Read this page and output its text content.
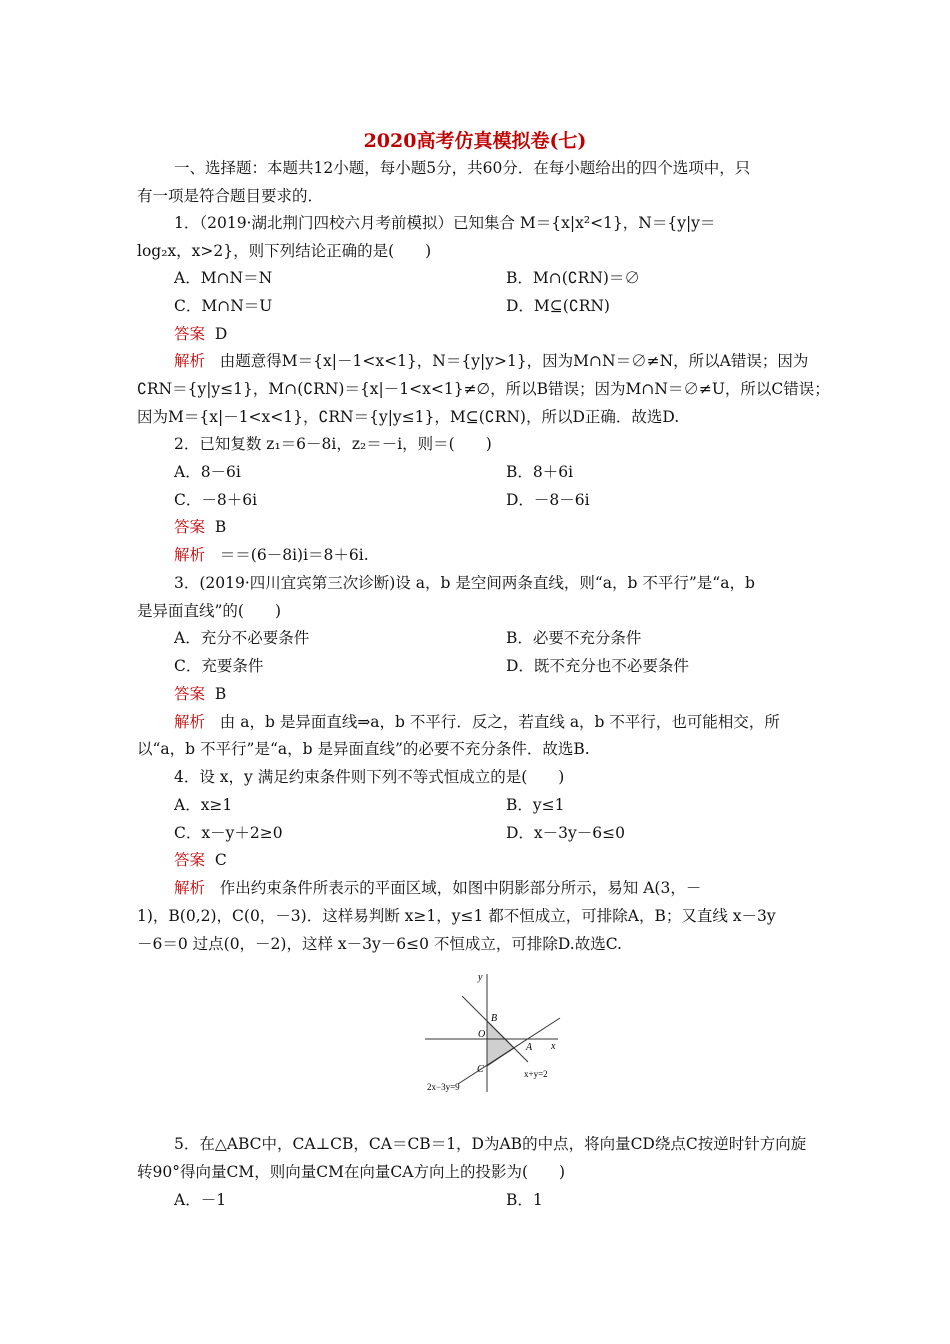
2020高考仿真模拟卷(七)
一、选择题：本题共12小题，每小题5分，共60分．在每小题给出的四个选项中，只
有一项是符合题目要求的．
1．（2019·湖北荆门四校六月考前模拟）已知集合 M＝{x|x²<1}，N＝{y|y＝
log₂x，x>2}，则下列结论正确的是(　　)
A．M∩N＝N	B．M∩(∁RN)＝∅
C．M∩N＝U	D．M⊆(∁RN)
答案 D
解析 由题意得M＝{x|－1<x<1}，N＝{y|y>1}，因为M∩N＝∅≠N，所以A错误；因为
∁RN＝{y|y≤1}，M∩(∁RN)＝{x|－1<x<1}≠∅，所以B错误；因为M∩N＝∅≠U，所以C错误；
因为M＝{x|－1<x<1}，∁RN＝{y|y≤1}，M⊆(∁RN)，所以D正确．故选D.
2．已知复数 z₁＝6－8i，z₂＝－i，则＝(　　)
A．8－6i	B．8＋6i
C．－8＋6i	D．－8－6i
答案 B
解析 ＝＝(6－8i)i＝8＋6i.
3．(2019·四川宜宾第三次诊断)设 a，b 是空间两条直线，则“a，b 不平行”是“a，b
是异面直线”的(　　)
A．充分不必要条件	B．必要不充分条件
C．充要条件	D．既不充分也不必要条件
答案 B
解析 由 a，b 是异面直线⇒a，b 不平行．反之，若直线 a，b 不平行，也可能相交，所
以“a，b 不平行”是“a，b 是异面直线”的必要不充分条件．故选B.
4．设 x，y 满足约束条件则下列不等式恒成立的是(　　)
A．x≥1	B．y≤1
C．x－y＋2≥0	D．x－3y－6≤0
答案 C
解析 作出约束条件所表示的平面区域，如图中阴影部分所示，易知 A(3，－
1)，B(0,2)，C(0，－3)．这样易判断 x≥1，y≤1 都不恒成立，可排除A，B；又直线 x－3y
－6＝0 过点(0，－2)，这样 x－3y－6≤0 不恒成立，可排除D.故选C.
y
x
O
B
A
C	x+y=2
2x−3y=9
5．在△ABC中，CA⊥CB，CA＝CB＝1，D为AB的中点，将向量CD绕点C按逆时针方向旋
转90°得向量CM，则向量CM在向量CA方向上的投影为(　　)
A．－1	B．1
